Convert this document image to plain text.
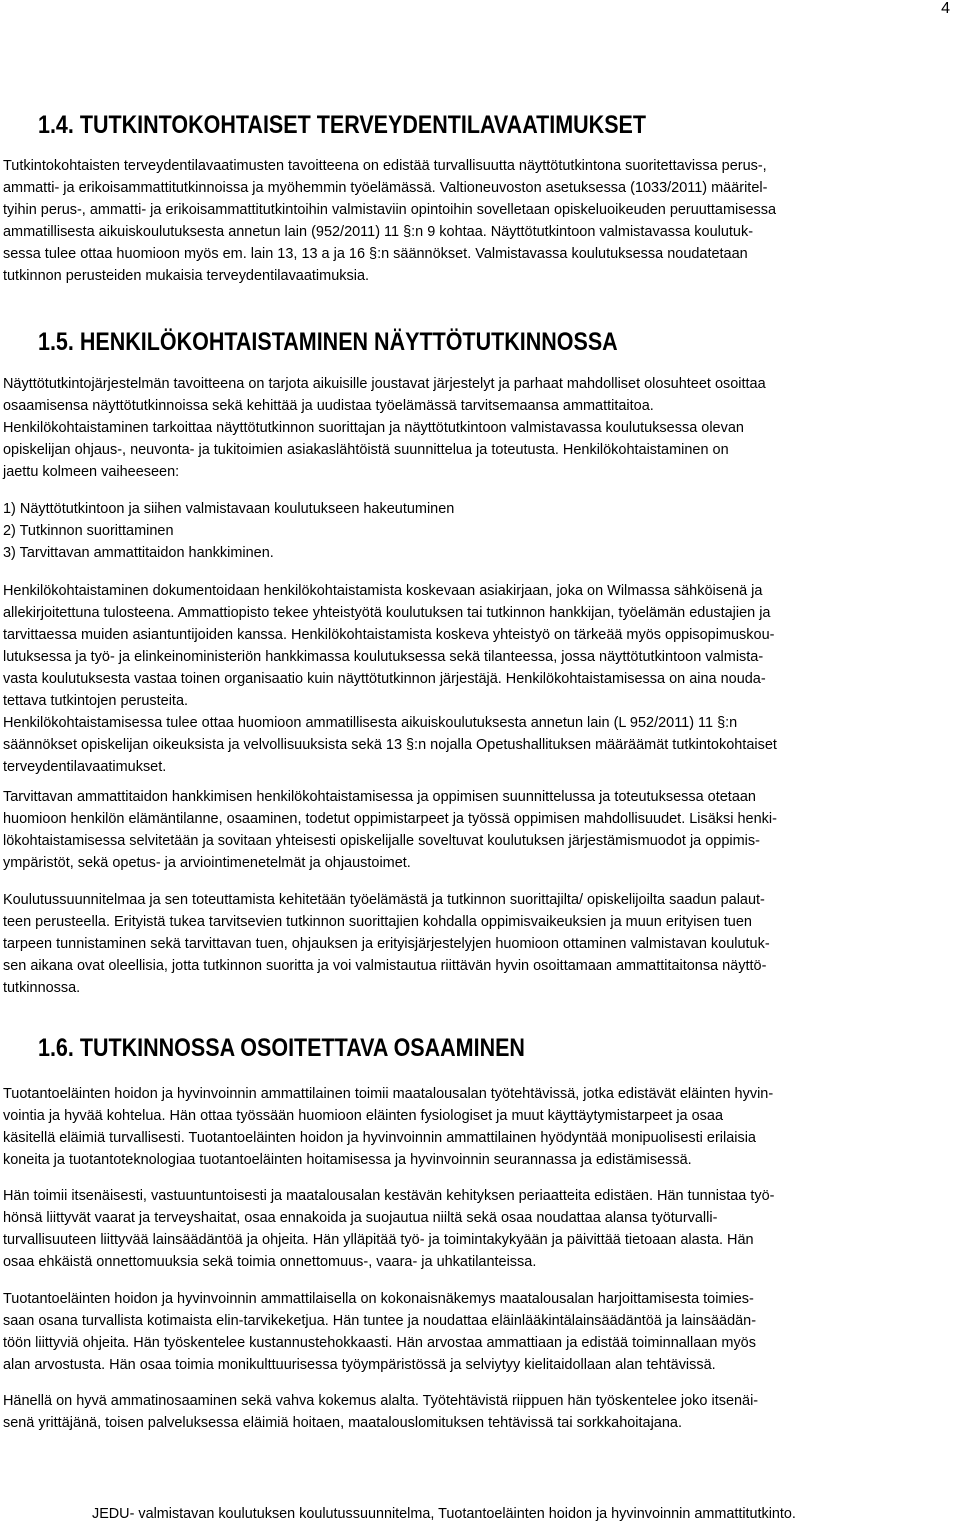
4
1.4. TUTKINTOKOHTAISET TERVEYDENTILAVAATIMUKSET
Tutkintokohtaisten terveydentilavaatimusten tavoitteena on edistää turvallisuutta näyttötutkintona suoritettavissa perus-,
ammatti- ja erikoisammattitutkinnoissa ja myöhemmin työelämässä. Valtioneuvoston asetuksessa (1033/2011) määritel-
tyihin perus-, ammatti- ja erikoisammattitutkintoihin valmistaviin opintoihin sovelletaan opiskeluoikeuden peruuttamisessa
ammatillisesta aikuiskoulutuksesta annetun lain (952/2011) 11 §:n 9 kohtaa. Näyttötutkintoon valmistavassa koulutuk-
sessa tulee ottaa huomioon myös em. lain 13, 13 a ja 16 §:n säännökset. Valmistavassa koulutuksessa noudatetaan
tutkinnon perusteiden mukaisia terveydentilavaatimuksia.
1.5. HENKILÖKOHTAISTAMINEN NÄYTTÖTUTKINNOSSA
Näyttötutkintojärjestelmän tavoitteena on tarjota aikuisille joustavat järjestelyt ja parhaat mahdolliset olosuhteet osoittaa
osaamisensa näyttötutkinnoissa sekä kehittää ja uudistaa työelämässä tarvitsemaansa ammattitaitoa.
Henkilökohtaistaminen tarkoittaa näyttötutkinnon suorittajan ja näyttötutkintoon valmistavassa koulutuksessa olevan
opiskelijan ohjaus-, neuvonta- ja tukitoimien asiakaslähtöistä suunnittelua ja toteutusta. Henkilökohtaistaminen on
jaettu kolmeen vaiheeseen:
1) Näyttötutkintoon ja siihen valmistavaan koulutukseen hakeutuminen
2) Tutkinnon suorittaminen
3) Tarvittavan ammattitaidon hankkiminen.
Henkilökohtaistaminen dokumentoidaan henkilökohtaistamista koskevaan asiakirjaan, joka on Wilmassa sähköisenä ja
allekirjoitettuna tulosteena. Ammattiopisto tekee yhteistyötä koulutuksen tai tutkinnon hankkijan, työelämän edustajien ja
tarvittaessa muiden asiantuntijoiden kanssa. Henkilökohtaistamista koskeva yhteistyö on tärkeää myös oppisopimuskou-
lutuksessa ja työ- ja elinkeinoministeriön hankkimassa koulutuksessa sekä tilanteessa, jossa näyttötutkintoon valmista-
vasta koulutuksesta vastaa toinen organisaatio kuin näyttötutkinnon järjestäjä. Henkilökohtaistamisessa on aina nouda-
tettava tutkintojen perusteita.
Henkilökohtaistamisessa tulee ottaa huomioon ammatillisesta aikuiskoulutuksesta annetun lain (L 952/2011) 11 §:n
säännökset opiskelijan oikeuksista ja velvollisuuksista sekä 13 §:n nojalla Opetushallituksen määräämät tutkintokohtaiset
terveydentilavaatimukset.
Tarvittavan ammattitaidon hankkimisen henkilökohtaistamisessa ja oppimisen suunnittelussa ja toteutuksessa otetaan
huomioon henkilön elämäntilanne, osaaminen, todetut oppimistarpeet ja työssä oppimisen mahdollisuudet. Lisäksi henki-
lökohtaistamisessa selvitetään ja sovitaan yhteisesti opiskelijalle soveltuvat koulutuksen järjestämismuodot ja oppimis-
ympäristöt, sekä opetus- ja arviointimenetelmät ja ohjaustoimet.
Koulutussuunnitelmaa ja sen toteuttamista kehitetään työelämästä ja tutkinnon suorittajilta/ opiskelijoilta saadun palaut-
teen perusteella. Erityistä tukea tarvitsevien tutkinnon suorittajien kohdalla oppimisvaikeuksien ja muun erityisen tuen
tarpeen tunnistaminen sekä tarvittavan tuen, ohjauksen ja erityisjärjestelyjen huomioon ottaminen valmistavan koulutuk-
sen aikana ovat oleellisia, jotta tutkinnon suoritta ja voi valmistautua riittävän hyvin osoittamaan ammattitaitonsa näyttö-
tutkinnossa.
1.6. TUTKINNOSSA OSOITETTAVA OSAAMINEN
Tuotantoeläinten hoidon ja hyvinvoinnin ammattilainen toimii maatalousalan työtehtävissä, jotka edistävät eläinten hyvin-
vointia ja hyvää kohtelua. Hän ottaa työssään huomioon eläinten fysiologiset ja muut käyttäytymistarpeet ja osaa
käsitellä eläimiä turvallisesti. Tuotantoeläinten hoidon ja hyvinvoinnin ammattilainen hyödyntää monipuolisesti erilaisia
koneita ja tuotantoteknologiaa tuotantoeläinten hoitamisessa ja hyvinvoinnin seurannassa ja edistämisessä.
Hän toimii itsenäisesti, vastuuntuntoisesti ja maatalousalan kestävän kehityksen periaatteita edistäen. Hän tunnistaa työ-
hönsä liittyvät vaarat ja terveyshaitat, osaa ennakoida ja suojautua niiltä sekä osaa noudattaa alansa työturvalli-
turvallisuuteen liittyvää lainsäädäntöä ja ohjeita. Hän ylläpitää työ- ja toimintakykyään ja päivittää tietoaan alasta. Hän
osaa ehkäistä onnettomuuksia sekä toimia onnettomuus-, vaara- ja uhkatilanteissa.
Tuotantoeläinten hoidon ja hyvinvoinnin ammattilaisella on kokonaisnäkemys maatalousalan harjoittamisesta toimies-
saan osana turvallista kotimaista elin-tarvikeketjua. Hän tuntee ja noudattaa eläinlääkintälainsäädäntöä ja lainsäädän-
töön liittyviä ohjeita. Hän työskentelee kustannustehokkaasti. Hän arvostaa ammattiaan ja edistää toiminnallaan myös
alan arvostusta. Hän osaa toimia monikulttuurisessa työympäristössä ja selviytyy kielitaidollaan alan tehtävissä.
Hänellä on hyvä ammatinosaaminen sekä vahva kokemus alalta. Työtehtävistä riippuen hän työskentelee joko itsenäi-
senä yrittäjänä, toisen palveluksessa eläimiä hoitaen, maatalouslomituksen tehtävissä tai sorkkahoitajana.
JEDU- valmistavan koulutuksen koulutussuunnitelma, Tuotantoeläinten hoidon ja hyvinvoinnin ammattitutkinto.
